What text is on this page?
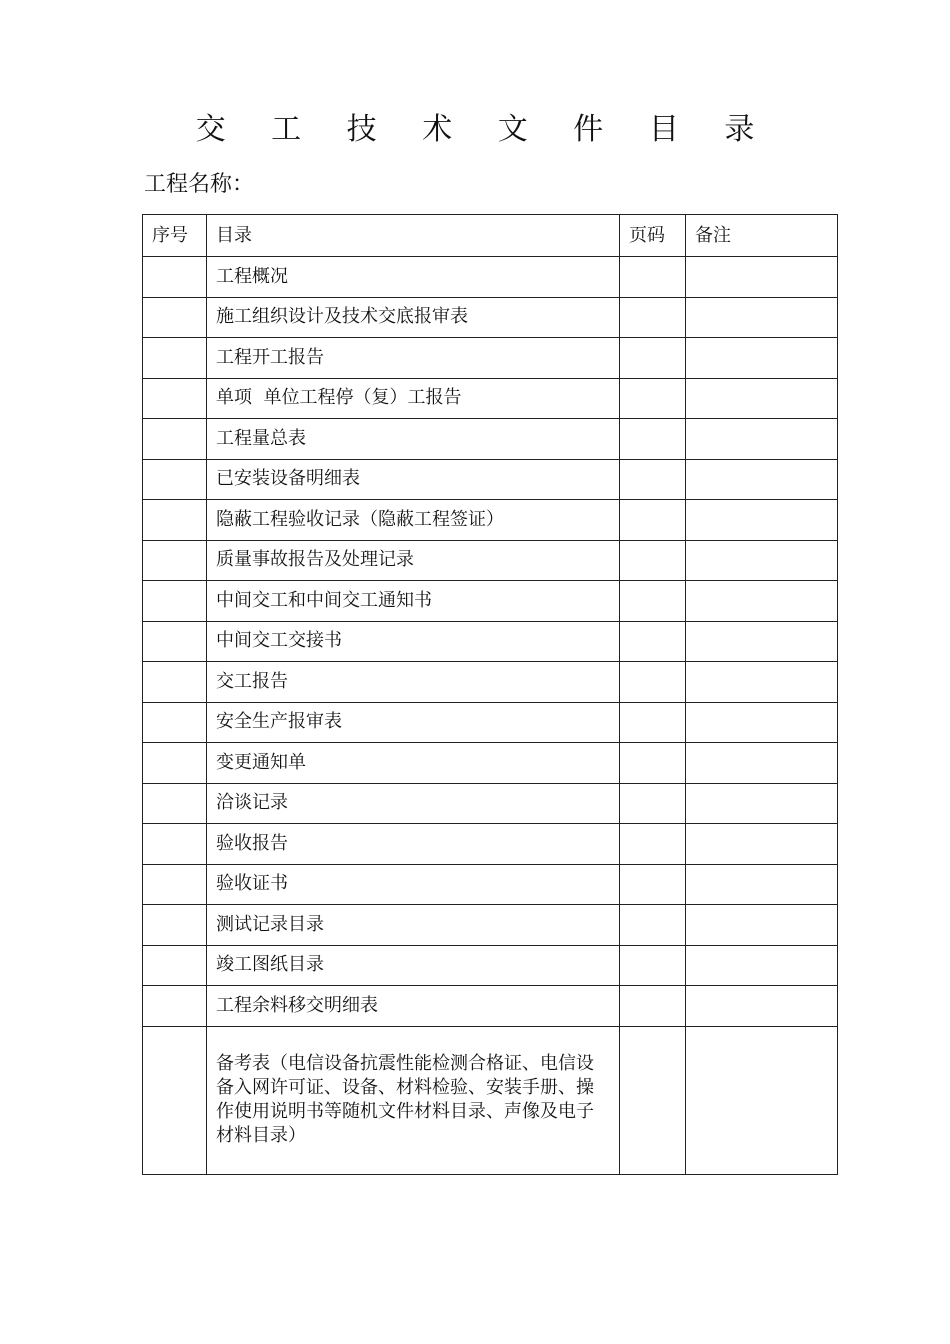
交 工 技 术 文 件 目 录
工程名称：
序号	目录	页码	备注
	工程概况		
	施工组织设计及技术交底报审表		
	工程开工报告		
	单项  单位工程停（复）工报告		
	工程量总表		
	已安装设备明细表		
	隐蔽工程验收记录（隐蔽工程签证）		
	质量事故报告及处理记录		
	中间交工和中间交工通知书		
	中间交工交接书		
	交工报告		
	安全生产报审表		
	变更通知单		
	洽谈记录		
	验收报告		
	验收证书		
	测试记录目录		
	竣工图纸目录		
	工程余料移交明细表		
	备考表（电信设备抗震性能检测合格证、电信设备入网许可证、设备、材料检验、安装手册、操作使用说明书等随机文件材料目录、声像及电子材料目录）		
